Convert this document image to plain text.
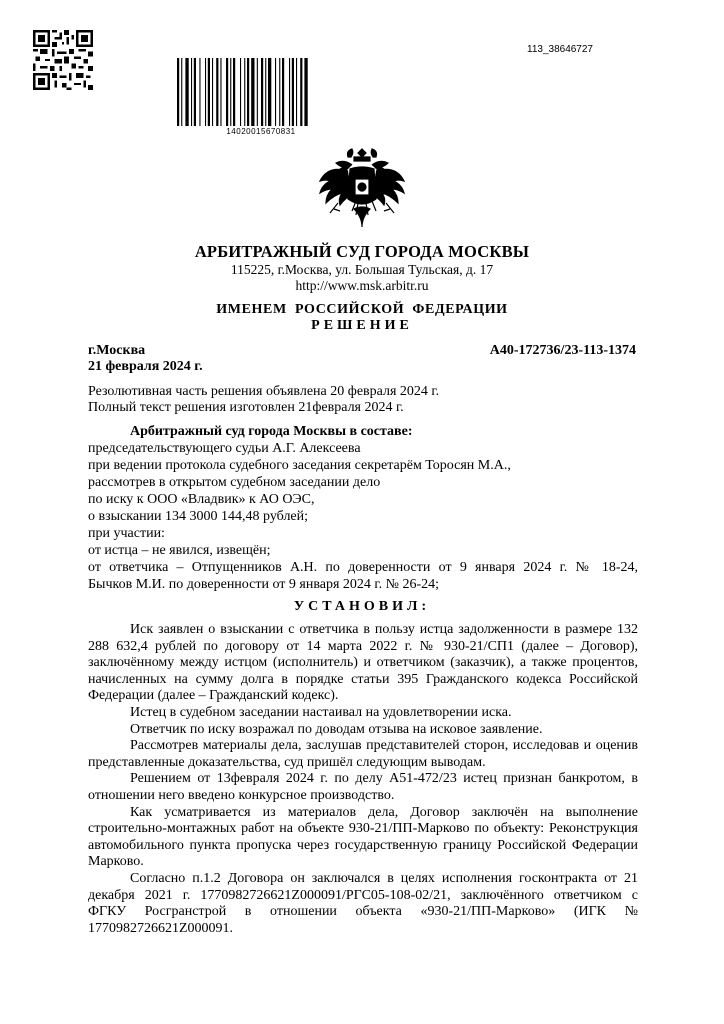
113_38646727
14020015670831
АРБИТРАЖНЫЙ СУД ГОРОДА МОСКВЫ
115225, г.Москва, ул. Большая Тульская, д. 17
http://www.msk.arbitr.ru
ИМЕНЕМ  РОССИЙСКОЙ  ФЕДЕРАЦИИ
РЕШЕНИЕ
г.Москва
21 февраля 2024 г.
А40-172736/23-113-1374
Резолютивная часть решения объявлена 20 февраля 2024 г.
Полный текст решения изготовлен 21февраля 2024 г.
Арбитражный суд города Москвы в составе:
председательствующего судьи А.Г. Алексеева
при ведении протокола судебного заседания секретарём Торосян М.А.,
рассмотрев в открытом судебном заседании дело
по иску к ООО «Владвик» к АО ОЭС,
о взыскании 134 3000 144,48 рублей;
при участии:
от истца – не явился, извещён;
от ответчика – Отпущенников А.Н. по доверенности от 9 января 2024 г. № 18-24,
Бычков М.И. по доверенности от 9 января 2024 г. № 26-24;
УСТАНОВИЛ:

Иск заявлен о взыскании с ответчика в пользу истца задолженности в размере 132 288 632,4 рублей по договору от 14 марта 2022 г. № 930-21/СП1 (далее – Договор), заключённому между истцом (исполнитель) и ответчиком (заказчик), а также процентов, начисленных на сумму долга в порядке статьи 395 Гражданского кодекса Российской Федерации (далее – Гражданский кодекс).

Истец в судебном заседании настаивал на удовлетворении иска.

Ответчик по иску возражал по доводам отзыва на исковое заявление.

Рассмотрев материалы дела, заслушав представителей сторон, исследовав и оценив представленные доказательства, суд пришёл следующим выводам.

Решением от 13февраля 2024 г. по делу А51-472/23 истец признан банкротом, в отношении него введено конкурсное производство.

Как усматривается из материалов дела, Договор заключён на выполнение строительно-монтажных работ на объекте 930-21/ПП-Марково по объекту: Реконструкция автомобильного пункта пропуска через государственную границу Российской Федерации Марково.

Согласно п.1.2 Договора он заключался в целях исполнения госконтракта от 21 декабря 2021 г. 1770982726621Z000091/РГС05-108-02/21, заключённого ответчиком с ФГКУ Росгранстрой в отношении объекта «930-21/ПП-Марково» (ИГК № 1770982726621Z000091.
